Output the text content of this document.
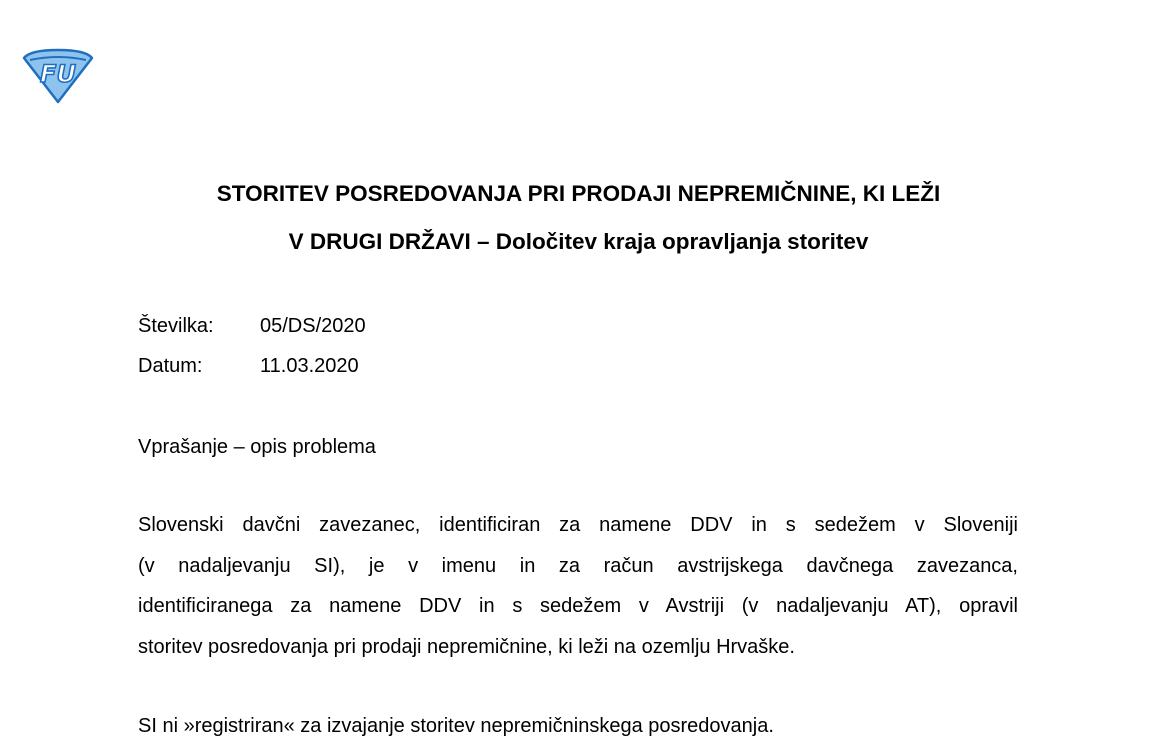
FU
STORITEV POSREDOVANJA PRI PRODAJI NEPREMIČNINE, KI LEŽI
V DRUGI DRŽAVI – Določitev kraja opravljanja storitev
Številka: 05/DS/2020
Datum:	11.03.2020
Vprašanje – opis problema
Slovenski davčni zavezanec, identificiran za namene DDV in s sedežem v Sloveniji
(v nadaljevanju SI), je v imenu in za račun avstrijskega davčnega zavezanca,
identificiranega za namene DDV in s sedežem v Avstriji (v nadaljevanju AT), opravil
storitev posredovanja pri prodaji nepremičnine, ki leži na ozemlju Hrvaške.
SI ni »registriran« za izvajanje storitev nepremičninskega posredovanja.
